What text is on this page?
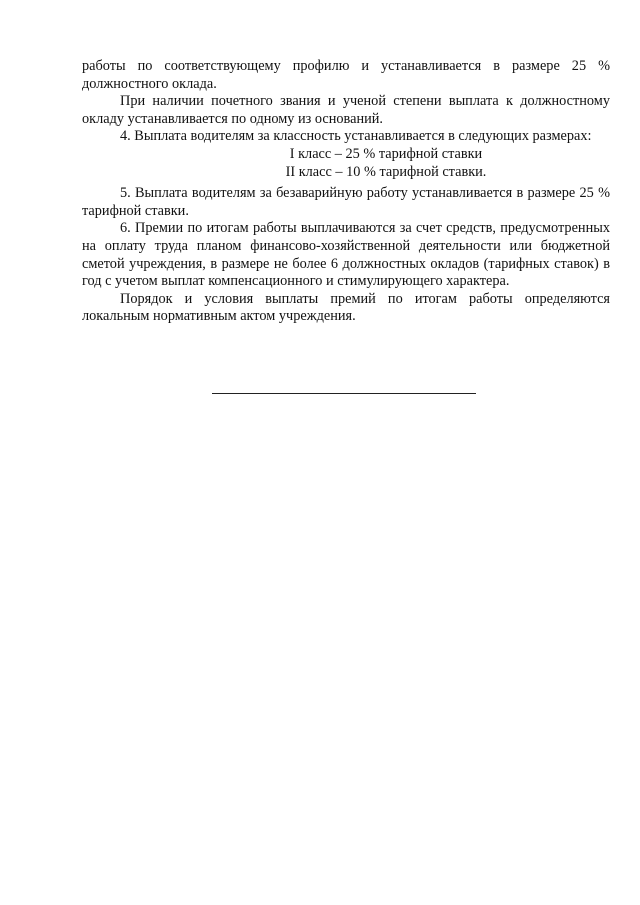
работы по соответствующему профилю и устанавливается в размере 25 % должностного оклада.

При наличии почетного звания и ученой степени выплата к должностному окладу устанавливается по одному из оснований.

4. Выплата водителям за классность устанавливается в следующих размерах:

I класс – 25 % тарифной ставки

II класс – 10 % тарифной ставки.

5. Выплата водителям за безаварийную работу устанавливается в размере 25 % тарифной ставки.

6. Премии по итогам работы выплачиваются за счет средств, предусмотренных на оплату труда планом финансово-хозяйственной деятельности или бюджетной сметой учреждения, в размере не более 6 должностных окладов (тарифных ставок) в год с учетом выплат компенсационного и стимулирующего характера.

Порядок и условия выплаты премий по итогам работы определяются локальным нормативным актом учреждения.
